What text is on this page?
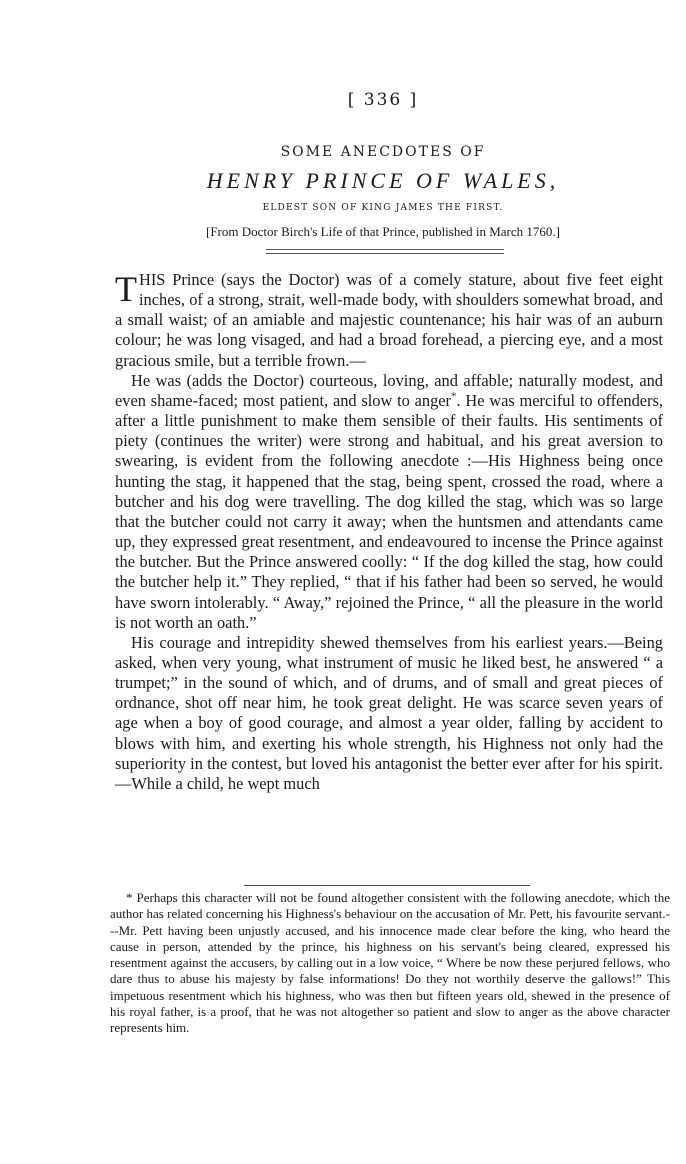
[ 336 ]
SOME ANECDOTES OF
HENRY PRINCE OF WALES,
ELDEST SON OF KING JAMES THE FIRST.
[From Doctor Birch's Life of that Prince, published in March 1760.]

THIS Prince (says the Doctor) was of a comely stature, about five feet eight inches, of a strong, strait, well-made body, with shoulders somewhat broad, and a small waist; of an amiable and majestic countenance; his hair was of an auburn colour; he was long visaged, and had a broad forehead, a piercing eye, and a most gracious smile, but a terrible frown.—

He was (adds the Doctor) courteous, loving, and affable; naturally modest, and even shame-faced; most patient, and slow to anger*. He was merciful to offenders, after a little punishment to make them sensible of their faults. His sentiments of piety (continues the writer) were strong and habitual, and his great aversion to swearing, is evident from the following anecdote :—His Highness being once hunting the stag, it happened that the stag, being spent, crossed the road, where a butcher and his dog were travelling. The dog killed the stag, which was so large that the butcher could not carry it away; when the huntsmen and attendants came up, they expressed great resentment, and endeavoured to incense the Prince against the butcher. But the Prince answered coolly: “ If the dog killed the stag, how could the butcher help it.” They replied, “ that if his father had been so served, he would have sworn intolerably. “ Away,” rejoined the Prince, “ all the pleasure in the world is not worth an oath.”

His courage and intrepidity shewed themselves from his earliest years.—Being asked, when very young, what instrument of music he liked best, he answered “ a trumpet;” in the sound of which, and of drums, and of small and great pieces of ordnance, shot off near him, he took great delight. He was scarce seven years of age when a boy of good courage, and almost a year older, falling by accident to blows with him, and exerting his whole strength, his Highness not only had the superiority in the contest, but loved his antagonist the better ever after for his spirit.—While a child, he wept much

* Perhaps this character will not be found altogether consistent with the following anecdote, which the author has related concerning his Highness's behaviour on the accusation of Mr. Pett, his favourite servant.---Mr. Pett having been unjustly accused, and his innocence made clear before the king, who heard the cause in person, attended by the prince, his highness on his servant's being cleared, expressed his resentment against the accusers, by calling out in a low voice, “ Where be now these perjured fellows, who dare thus to abuse his majesty by false informations! Do they not worthily deserve the gallows!” This impetuous resentment which his highness, who was then but fifteen years old, shewed in the presence of his royal father, is a proof, that he was not altogether so patient and slow to anger as the above character represents him.
